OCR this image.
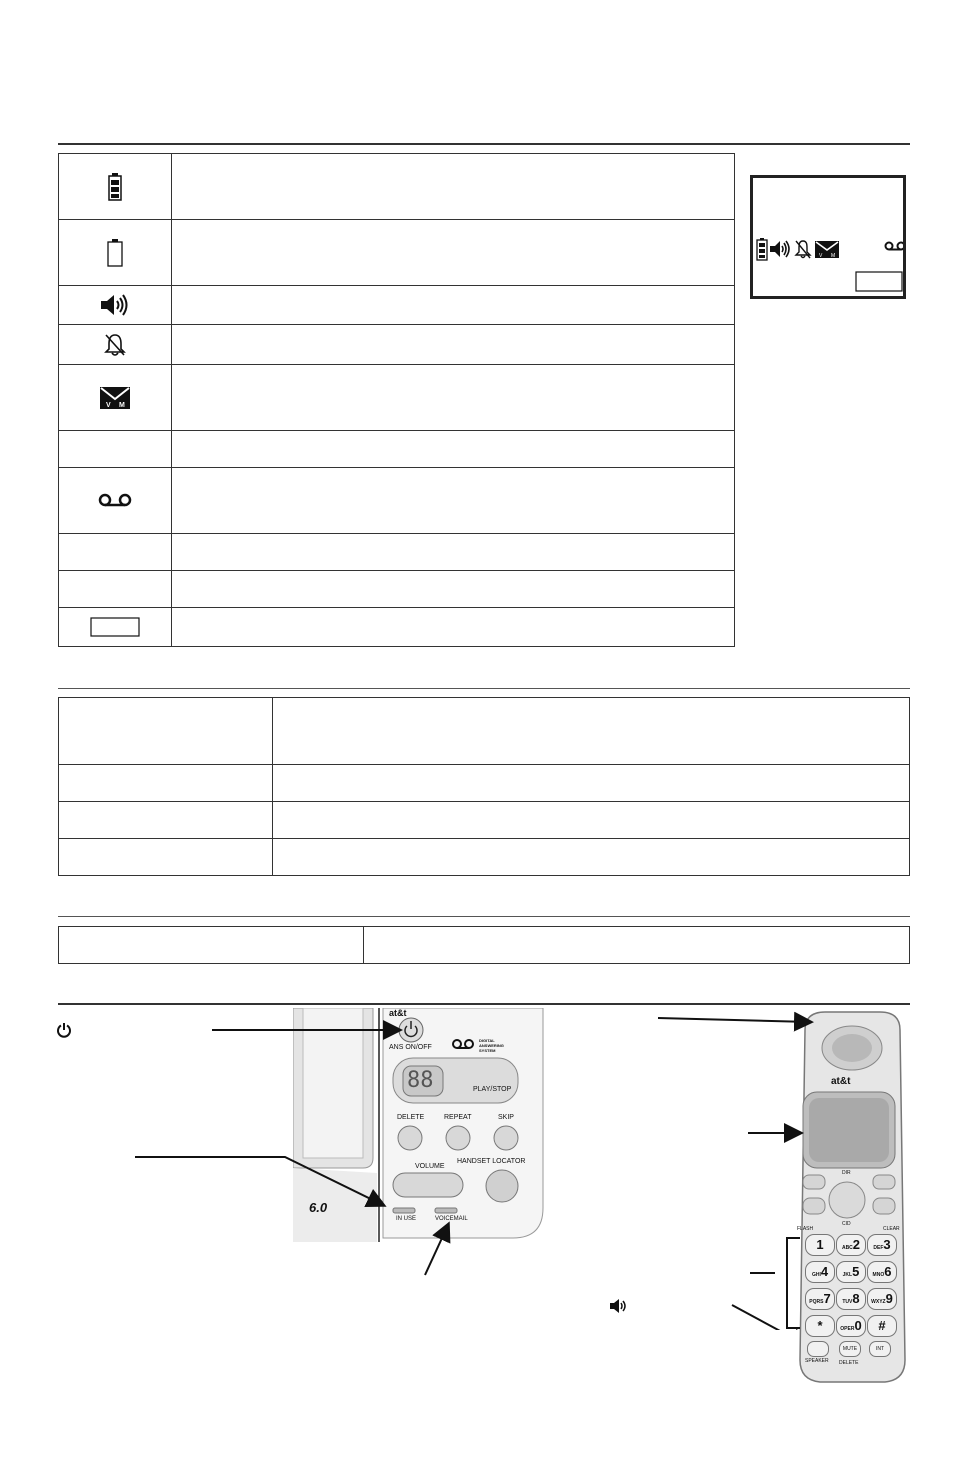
V M	

V M

at&t
ANS ON/OFF
DIGITAL ANSWERING SYSTEM
88	PLAY/STOP
DELETE	REPEAT	SKIP
VOLUME
HANDSET LOCATOR
IN USE	VOICEMAIL
6.0
at&t
DIR
CID
FLASH	CLEAR
1	ABC2	DEF3
GHI4	JKL5	MNO6
PQRS7	TUV8	WXYZ9
*	OPER0	#
MUTE	INT
SPEAKER DELETE
